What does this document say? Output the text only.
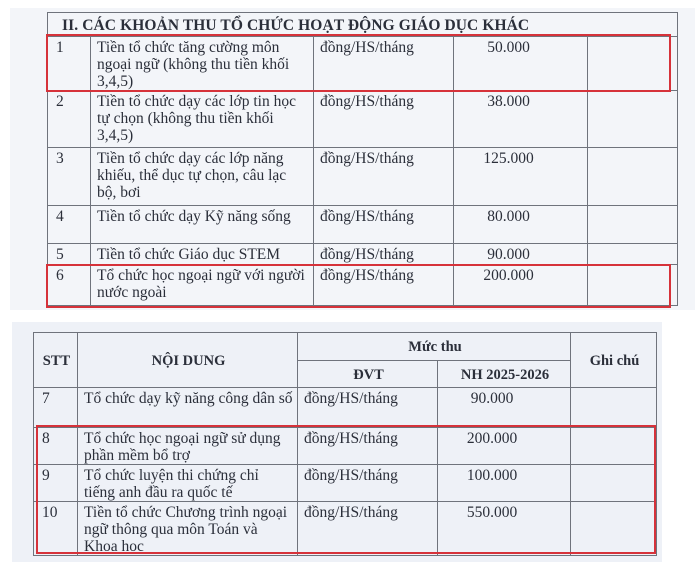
II. CÁC KHOẢN THU TỔ CHỨC HOẠT ĐỘNG GIÁO DỤC KHÁC				
1	Tiền tổ chức tăng cường môn ngoại ngữ (không thu tiền khối 3,4,5)	đồng/HS/tháng	50.000	
2	Tiền tổ chức dạy các lớp tin học tự chọn (không thu tiền khối 3,4,5)	đồng/HS/tháng	38.000	
3	Tiền tổ chức dạy các lớp năng khiếu, thể dục tự chọn, câu lạc bộ, bơi	đồng/HS/tháng	125.000	
4	Tiền tổ chức dạy Kỹ năng sống	đồng/HS/tháng	80.000	
5	Tiền tổ chức Giáo dục STEM	đồng/HS/tháng	90.000	
6	Tổ chức học ngoại ngữ với người nước ngoài	đồng/HS/tháng	200.000	
STT	NỘI DUNG	Mức thu		Ghi chú
		ĐVT	NH 2025-2026	
7	Tổ chức dạy kỹ năng công dân số	đồng/HS/tháng	90.000	
8	Tổ chức học ngoại ngữ sử dụng phần mềm bổ trợ	đồng/HS/tháng	200.000	
9	Tổ chức luyện thi chứng chỉ tiếng anh đầu ra quốc tế	đồng/HS/tháng	100.000	
10	Tiền tổ chức Chương trình ngoại ngữ thông qua môn Toán và Khoa học	đồng/HS/tháng	550.000	
